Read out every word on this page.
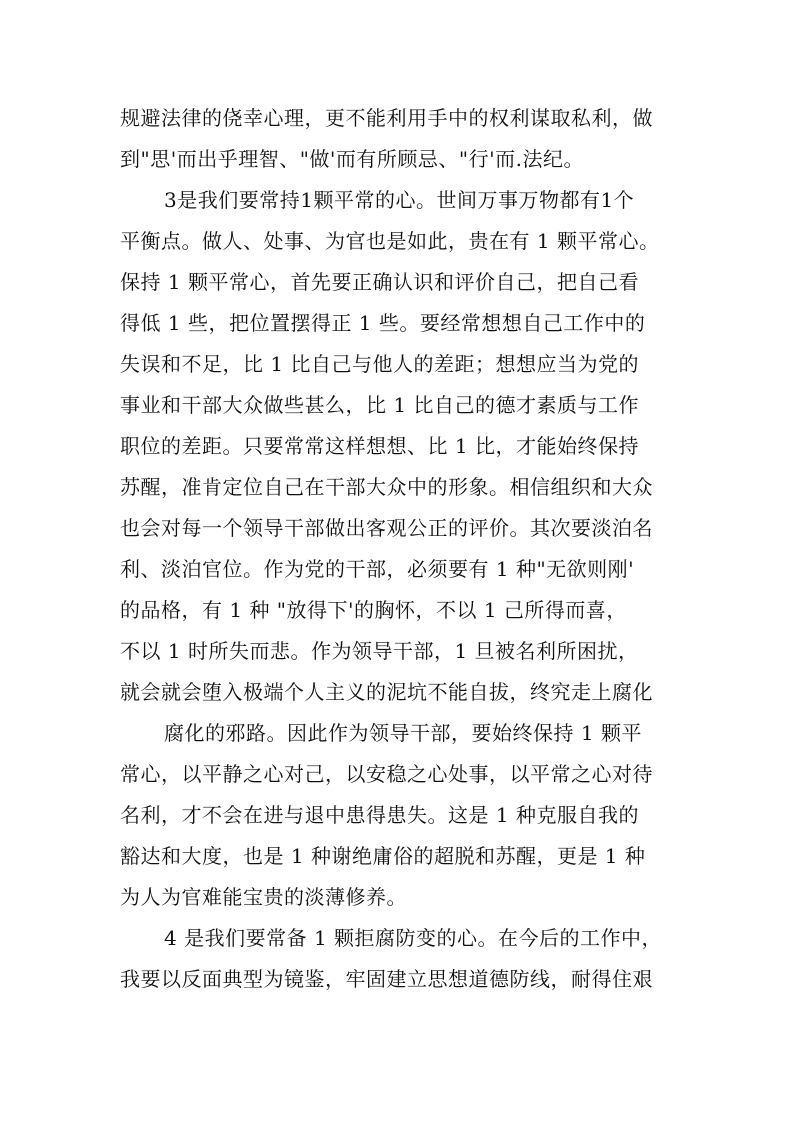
规避法律的侥幸心理，更不能利用手中的权利谋取私利，做
到"思'而出乎理智、"做'而有所顾忌、"行'而.法纪。
3是我们要常持1颗平常的心。世间万事万物都有1个
平衡点。做人、处事、为官也是如此，贵在有 1 颗平常心。
保持 1 颗平常心，首先要正确认识和评价自己，把自己看
得低 1 些，把位置摆得正 1 些。要经常想想自己工作中的
失误和不足，比 1 比自己与他人的差距；想想应当为党的
事业和干部大众做些甚么，比 1 比自己的德才素质与工作
职位的差距。只要常常这样想想、比 1 比，才能始终保持
苏醒，准肯定位自己在干部大众中的形象。相信组织和大众
也会对每一个领导干部做出客观公正的评价。其次要淡泊名
利、淡泊官位。作为党的干部，必须要有 1 种"无欲则刚'
的品格，有 1 种 "放得下'的胸怀，不以 1 己所得而喜，
不以 1 时所失而悲。作为领导干部，1 旦被名利所困扰，
就会就会堕入极端个人主义的泥坑不能自拔，终究走上腐化
腐化的邪路。因此作为领导干部，要始终保持 1 颗平
常心，以平静之心对己，以安稳之心处事，以平常之心对待
名利，才不会在进与退中患得患失。这是 1 种克服自我的
豁达和大度，也是 1 种谢绝庸俗的超脱和苏醒，更是 1 种
为人为官难能宝贵的淡薄修养。
4 是我们要常备 1 颗拒腐防变的心。在今后的工作中，
我要以反面典型为镜鉴，牢固建立思想道德防线，耐得住艰
